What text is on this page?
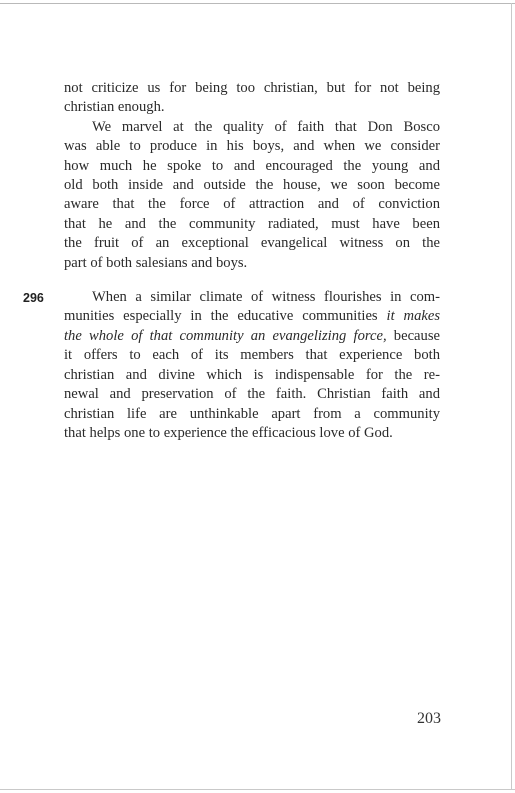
not criticize us for being too christian, but for not being
christian enough.

We marvel at the quality of faith that Don Bosco
was able to produce in his boys, and when we consider
how much he spoke to and encouraged the young and
old both inside and outside the house, we soon become
aware that the force of attraction and of conviction
that he and the community radiated, must have been
the fruit of an exceptional evangelical witness on the
part of both salesians and boys.

296	When a similar climate of witness flourishes in com-
munities especially in the educative communities it makes
the whole of that community an evangelizing force, because
it offers to each of its members that experience both
christian and divine which is indispensable for the re-
newal and preservation of the faith. Christian faith and
christian life are unthinkable apart from a community
that helps one to experience the efficacious love of God.

203
